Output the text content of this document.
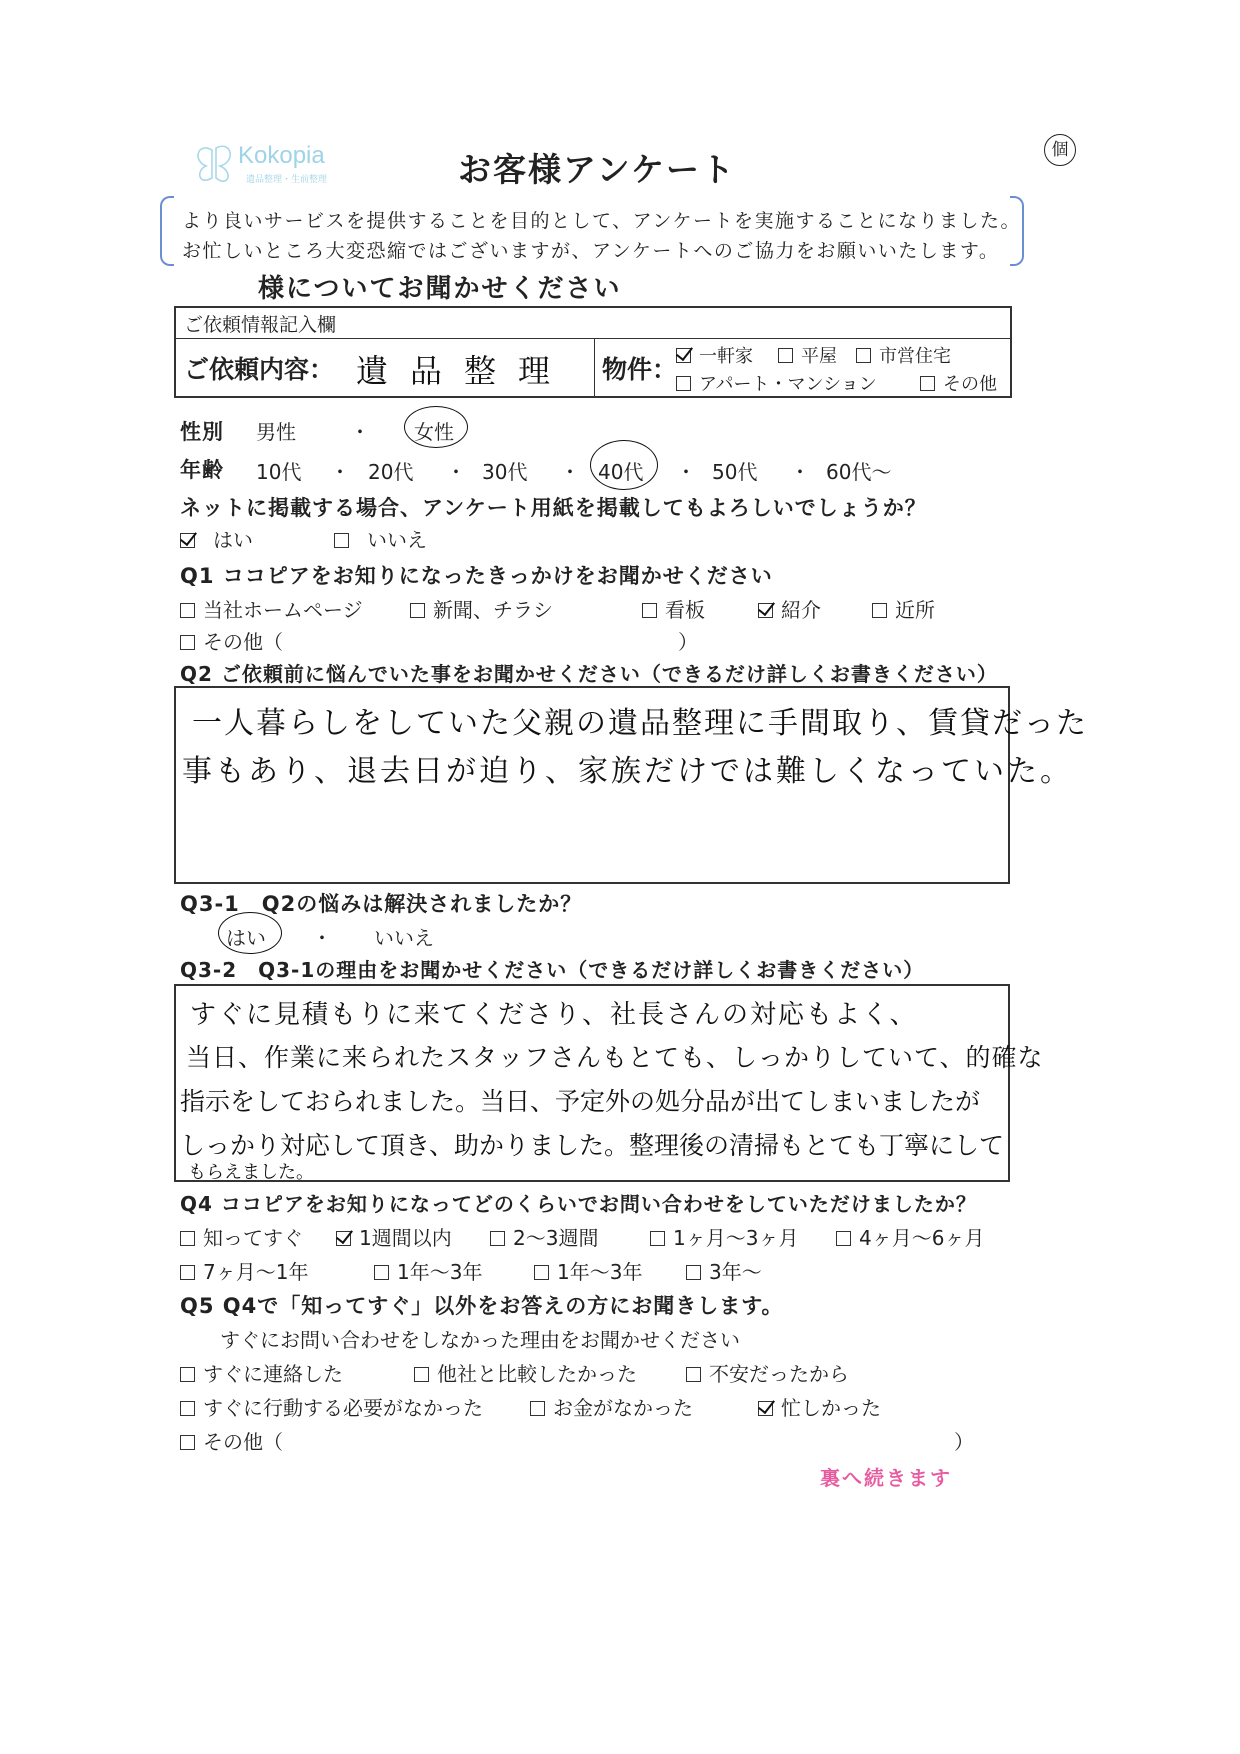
Kokopia
遺品整理・生前整理	お客様アンケート	個
より良いサービスを提供することを目的として、アンケートを実施することになりました。
お忙しいところ大変恐縮ではございますが、アンケートへのご協力をお願いいたします。
様についてお聞かせください
ご依頼情報記入欄
ご依頼内容： 遺品整理 物件：	一軒家	平屋	市営住宅
アパート・マンション	その他
性別 男性	・ 女性
年齢 10代 ・ 20代 ・ 30代 ・ 40代 ・ 50代 ・ 60代～
ネットに掲載する場合、アンケート用紙を掲載してもよろしいでしょうか？
はい	いいえ
Q1 ココピアをお知りになったきっかけをお聞かせください
当社ホームページ	新聞、チラシ	看板	紹介	近所
その他（	）
Q2 ご依頼前に悩んでいた事をお聞かせください（できるだけ詳しくお書きください）
一人暮らしをしていた父親の遺品整理に手間取り、賃貸だった
事もあり、退去日が迫り、家族だけでは難しくなっていた。
Q3-1　Q2の悩みは解決されましたか？
はい ・ いいえ
Q3-2　Q3-1の理由をお聞かせください（できるだけ詳しくお書きください）
すぐに見積もりに来てくださり、社長さんの対応もよく、
当日、作業に来られたスタッフさんもとても、しっかりしていて、的確な
指示をしておられました。当日、予定外の処分品が出てしまいましたが
しっかり対応して頂き、助かりました。整理後の清掃もとても丁寧にして
もらえました。
Q4 ココピアをお知りになってどのくらいでお問い合わせをしていただけましたか？
知ってすぐ	1週間以内	2～3週間	1ヶ月～3ヶ月	4ヶ月～6ヶ月
7ヶ月～1年	1年～3年	1年～3年	3年～
Q5 Q4で「知ってすぐ」以外をお答えの方にお聞きします。
すぐにお問い合わせをしなかった理由をお聞かせください
すぐに連絡した	他社と比較したかった	不安だったから
すぐに行動する必要がなかった	お金がなかった	忙しかった
その他（	）
裏へ続きます
